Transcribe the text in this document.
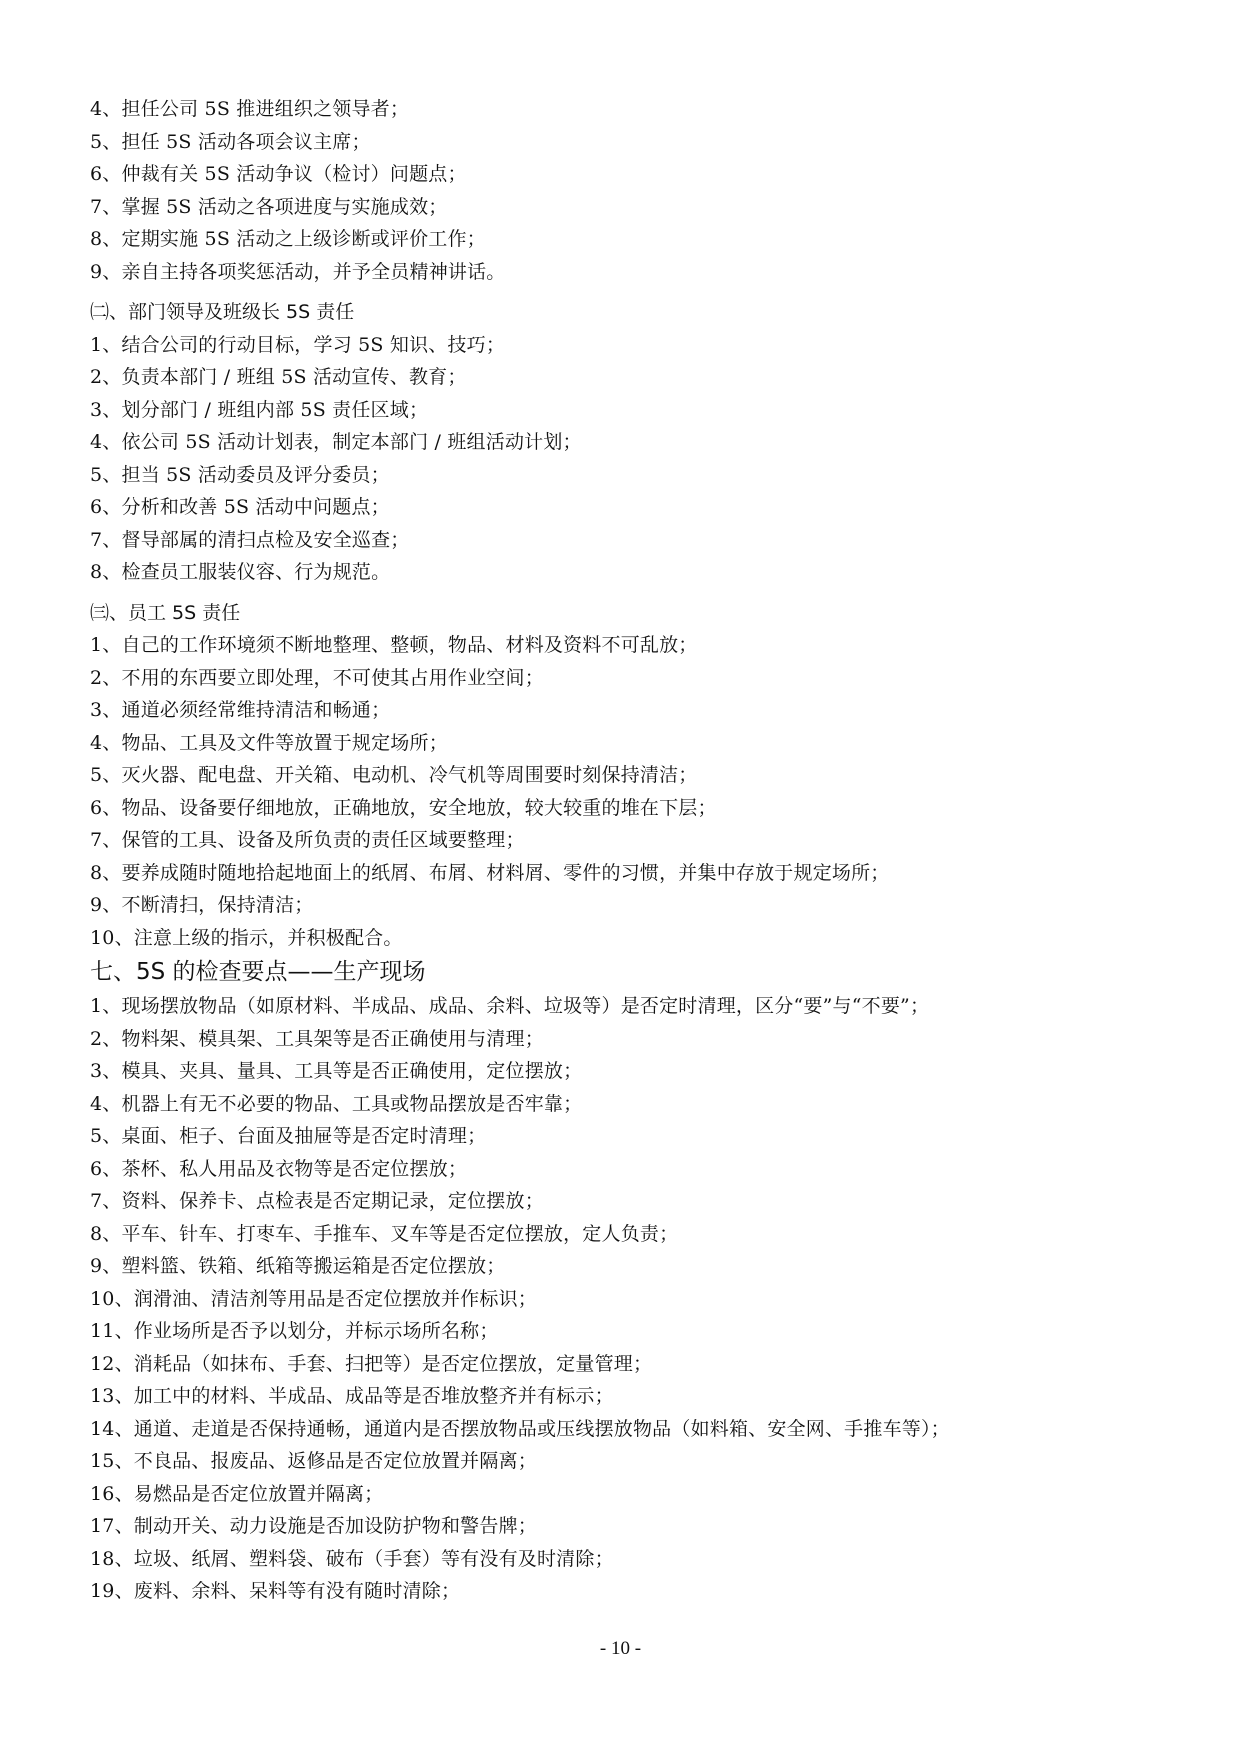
4、担任公司 5S 推进组织之领导者；
5、担任 5S 活动各项会议主席；
6、仲裁有关 5S 活动争议（检讨）问题点；
7、掌握 5S 活动之各项进度与实施成效；
8、定期实施 5S 活动之上级诊断或评价工作；
9、亲自主持各项奖惩活动，并予全员精神讲话。
㈡、部门领导及班级长 5S 责任
1、结合公司的行动目标，学习 5S 知识、技巧；
2、负责本部门 / 班组 5S 活动宣传、教育；
3、划分部门 / 班组内部 5S 责任区域；
4、依公司 5S 活动计划表，制定本部门 / 班组活动计划；
5、担当 5S 活动委员及评分委员；
6、分析和改善 5S 活动中问题点；
7、督导部属的清扫点检及安全巡查；
8、检查员工服装仪容、行为规范。
㈢、员工 5S 责任
1、自己的工作环境须不断地整理、整顿，物品、材料及资料不可乱放；
2、不用的东西要立即处理，不可使其占用作业空间；
3、通道必须经常维持清洁和畅通；
4、物品、工具及文件等放置于规定场所；
5、灭火器、配电盘、开关箱、电动机、冷气机等周围要时刻保持清洁；
6、物品、设备要仔细地放，正确地放，安全地放，较大较重的堆在下层；
7、保管的工具、设备及所负责的责任区域要整理；
8、要养成随时随地拾起地面上的纸屑、布屑、材料屑、零件的习惯，并集中存放于规定场所；
9、不断清扫，保持清洁；
10、注意上级的指示，并积极配合。
七、5S 的检查要点——生产现场
1、现场摆放物品（如原材料、半成品、成品、余料、垃圾等）是否定时清理，区分“要”与“不要”；
2、物料架、模具架、工具架等是否正确使用与清理；
3、模具、夹具、量具、工具等是否正确使用，定位摆放；
4、机器上有无不必要的物品、工具或物品摆放是否牢靠；
5、桌面、柜子、台面及抽屉等是否定时清理；
6、茶杯、私人用品及衣物等是否定位摆放；
7、资料、保养卡、点检表是否定期记录，定位摆放；
8、平车、针车、打枣车、手推车、叉车等是否定位摆放，定人负责；
9、塑料篮、铁箱、纸箱等搬运箱是否定位摆放；
10、润滑油、清洁剂等用品是否定位摆放并作标识；
11、作业场所是否予以划分，并标示场所名称；
12、消耗品（如抹布、手套、扫把等）是否定位摆放，定量管理；
13、加工中的材料、半成品、成品等是否堆放整齐并有标示；
14、通道、走道是否保持通畅，通道内是否摆放物品或压线摆放物品（如料箱、安全网、手推车等）；
15、不良品、报废品、返修品是否定位放置并隔离；
16、易燃品是否定位放置并隔离；
17、制动开关、动力设施是否加设防护物和警告牌；
18、垃圾、纸屑、塑料袋、破布（手套）等有没有及时清除；
19、废料、余料、呆料等有没有随时清除；
- 10 -
